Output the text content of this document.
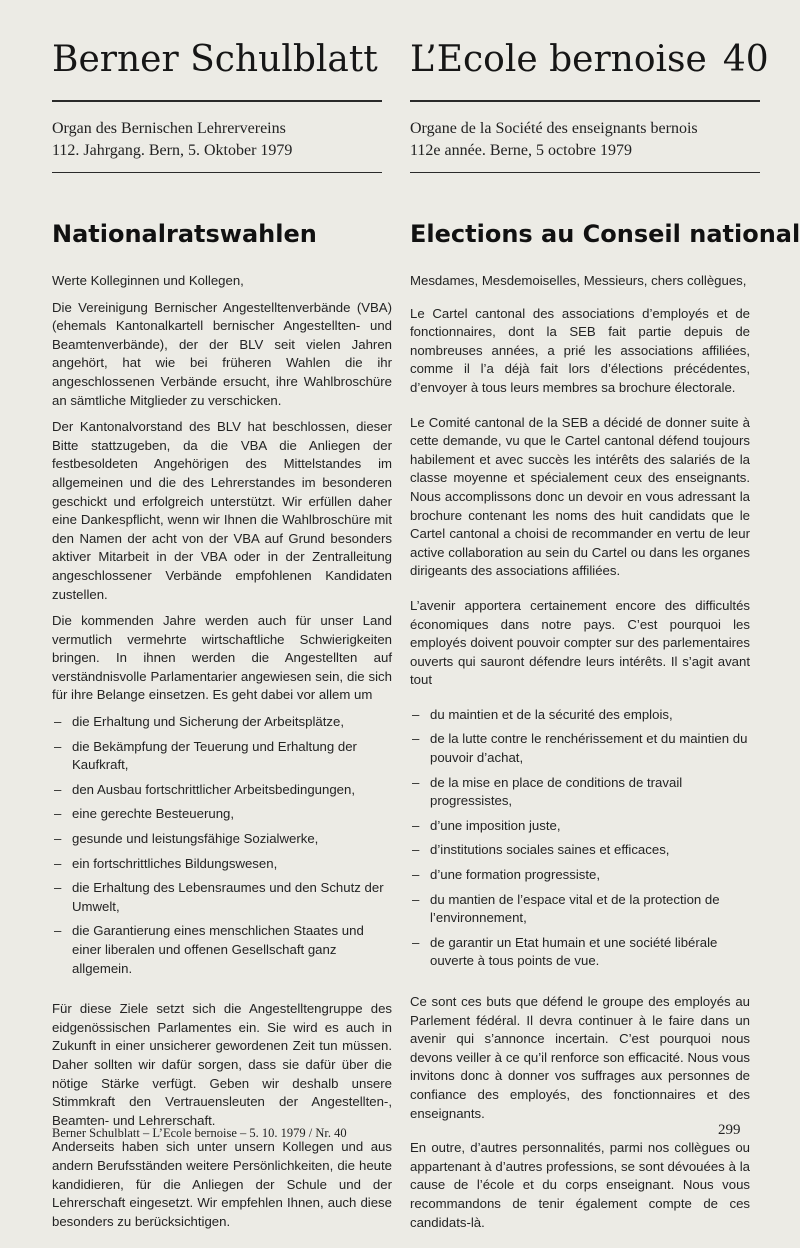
Berner Schulblatt L’Ecole bernoise 40
Organ des Bernischen Lehrervereins
112. Jahrgang. Bern, 5. Oktober 1979
Organe de la Société des enseignants bernois
112e année. Berne, 5 octobre 1979
Nationalratswahlen	Elections au Conseil national

Werte Kolleginnen und Kollegen,

Die Vereinigung Bernischer Angestelltenverbände (VBA) (ehemals Kantonalkartell bernischer Angestellten- und Beamtenverbände), der der BLV seit vielen Jahren angehört, hat wie bei früheren Wahlen die ihr angeschlossenen Verbände ersucht, ihre Wahlbroschüre an sämtliche Mitglieder zu verschicken.

Der Kantonalvorstand des BLV hat beschlossen, dieser Bitte stattzugeben, da die VBA die Anliegen der festbesoldeten Angehörigen des Mittelstandes im allgemeinen und die des Lehrerstandes im besonderen geschickt und erfolgreich unterstützt. Wir erfüllen daher eine Dankespflicht, wenn wir Ihnen die Wahlbroschüre mit den Namen der acht von der VBA auf Grund besonders aktiver Mitarbeit in der VBA oder in der Zentralleitung angeschlossener Verbände empfohlenen Kandidaten zustellen.

Die kommenden Jahre werden auch für unser Land vermutlich vermehrte wirtschaftliche Schwierigkeiten bringen. In ihnen werden die Angestellten auf verständnisvolle Parlamentarier angewiesen sein, die sich für ihre Belange einsetzen. Es geht dabei vor allem um

– die Erhaltung und Sicherung der Arbeitsplätze,
– die Bekämpfung der Teuerung und Erhaltung der Kaufkraft,
– den Ausbau fortschrittlicher Arbeitsbedingungen,
– eine gerechte Besteuerung,
– gesunde und leistungsfähige Sozialwerke,
– ein fortschrittliches Bildungswesen,
– die Erhaltung des Lebensraumes und den Schutz der Umwelt,
– die Garantierung eines menschlichen Staates und einer liberalen und offenen Gesellschaft ganz allgemein.

Für diese Ziele setzt sich die Angestelltengruppe des eidgenössischen Parlamentes ein. Sie wird es auch in Zukunft in einer unsicherer gewordenen Zeit tun müssen. Daher sollten wir dafür sorgen, dass sie dafür über die nötige Stärke verfügt. Geben wir deshalb unsere Stimmkraft den Vertrauensleuten der Angestellten-, Beamten- und Lehrerschaft.

Anderseits haben sich unter unsern Kollegen und aus andern Berufsständen weitere Persönlichkeiten, die heute kandidieren, für die Anliegen der Schule und der Lehrerschaft eingesetzt. Wir empfehlen Ihnen, auch diese besonders zu berücksichtigen.

Mesdames, Mesdemoiselles, Messieurs, chers collègues,

Le Cartel cantonal des associations d’employés et de fonctionnaires, dont la SEB fait partie depuis de nombreuses années, a prié les associations affiliées, comme il l’a déjà fait lors d’élections précédentes, d’envoyer à tous leurs membres sa brochure électorale.

Le Comité cantonal de la SEB a décidé de donner suite à cette demande, vu que le Cartel cantonal défend toujours habilement et avec succès les intérêts des salariés de la classe moyenne et spécialement ceux des enseignants. Nous accomplissons donc un devoir en vous adressant la brochure contenant les noms des huit candidats que le Cartel cantonal a choisi de recommander en vertu de leur active collaboration au sein du Cartel ou dans les organes dirigeants des associations affiliées.

L’avenir apportera certainement encore des difficultés économiques dans notre pays. C’est pourquoi les employés doivent pouvoir compter sur des parlementaires ouverts qui sauront défendre leurs intérêts. Il s’agit avant tout

– du maintien et de la sécurité des emplois,
– de la lutte contre le renchérissement et du maintien du pouvoir d’achat,
– de la mise en place de conditions de travail progressistes,
– d’une imposition juste,
– d’institutions sociales saines et efficaces,
– d’une formation progressiste,
– du mantien de l’espace vital et de la protection de l’environnement,
– de garantir un Etat humain et une société libérale ouverte à tous points de vue.

Ce sont ces buts que défend le groupe des employés au Parlement fédéral. Il devra continuer à le faire dans un avenir qui s’annonce incertain. C’est pourquoi nous devons veiller à ce qu’il renforce son efficacité. Nous vous invitons donc à donner vos suffrages aux personnes de confiance des employés, des fonctionnaires et des enseignants.

En outre, d’autres personnalités, parmi nos collègues ou appartenant à d’autres professions, se sont dévouées à la cause de l’école et du corps enseignant. Nous vous recommandons de tenir également compte de ces candidats-là.

Berner Schulblatt – L’Ecole bernoise – 5. 10. 1979 / Nr. 40	299
